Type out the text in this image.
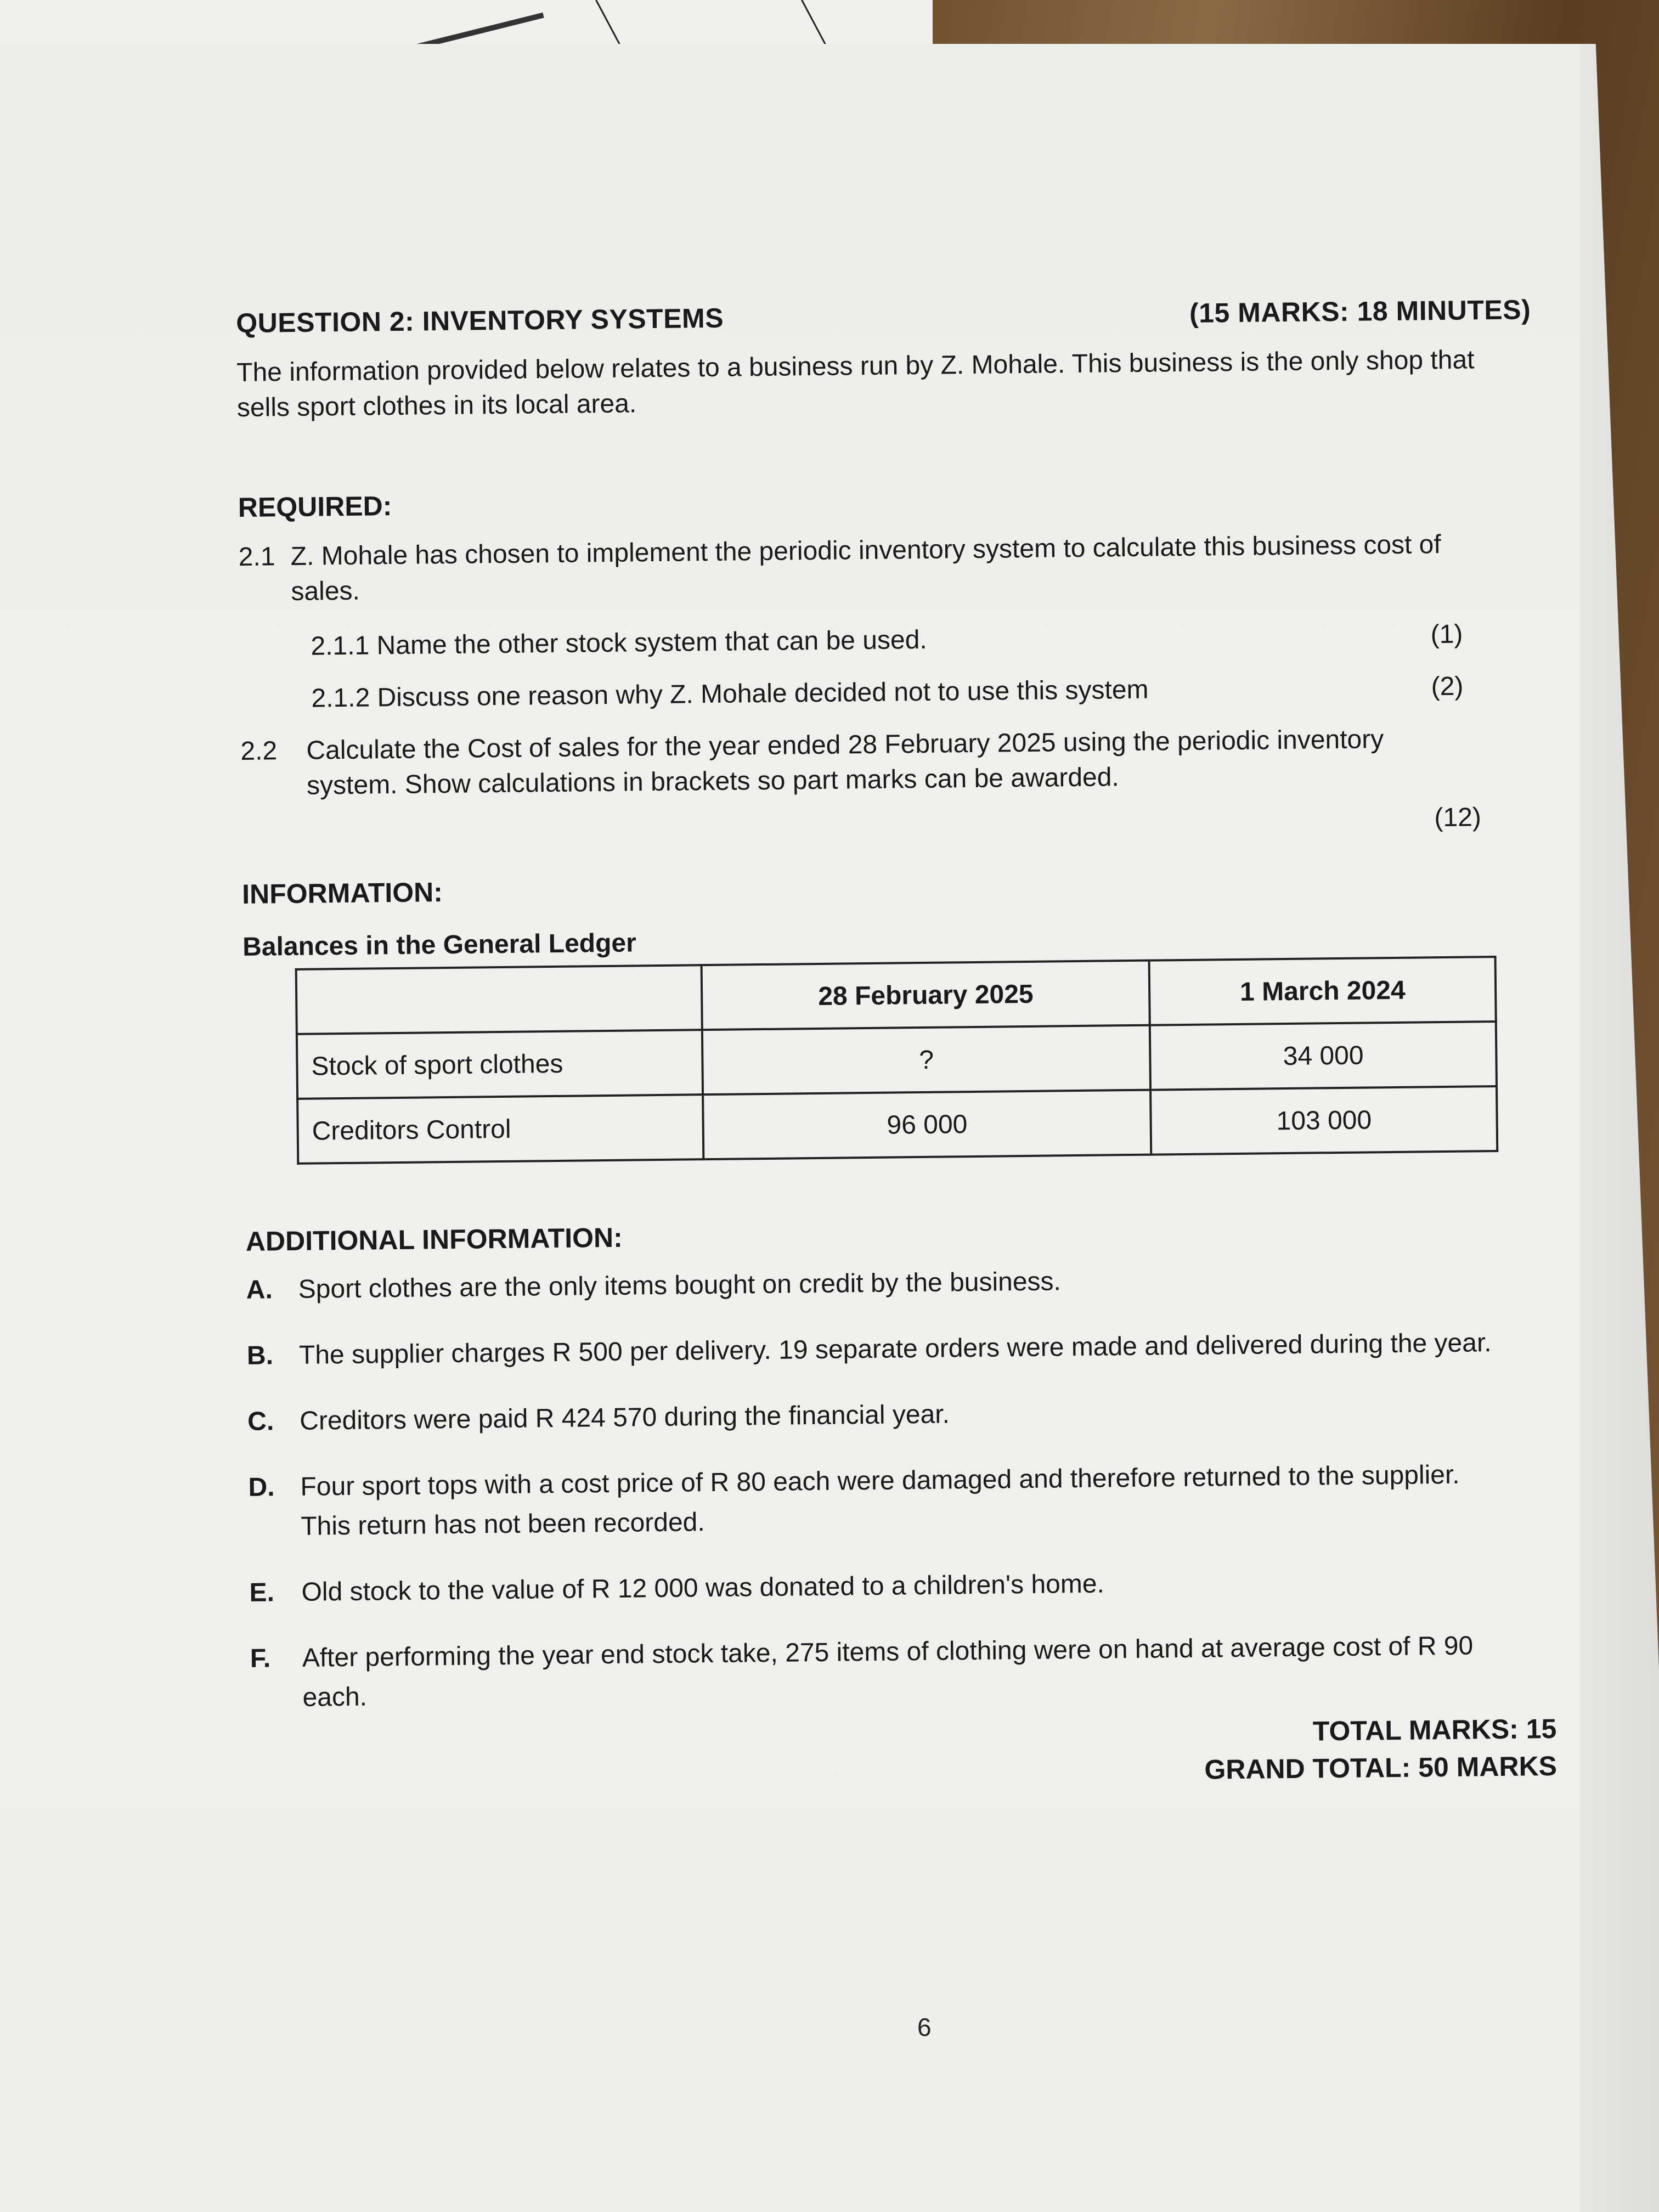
QUESTION 2: INVENTORY SYSTEMS	(15 MARKS: 18 MINUTES)
The information provided below relates to a business run by Z. Mohale. This business is the only shop that sells sport clothes in its local area.
REQUIRED:
2.1 Z. Mohale has chosen to implement the periodic inventory system to calculate this business cost of sales.
2.1.1 Name the other stock system that can be used.	(1)
2.1.2 Discuss one reason why Z. Mohale decided not to use this system	(2)
2.2	Calculate the Cost of sales for the year ended 28 February 2025 using the periodic inventory system. Show calculations in brackets so part marks can be awarded.
(12)
INFORMATION:
Balances in the General Ledger
	28 February 2025	1 March 2024
Stock of sport clothes	?	34 000
Creditors Control	96 000	103 000
ADDITIONAL INFORMATION:
A. Sport clothes are the only items bought on credit by the business.
B. The supplier charges R 500 per delivery. 19 separate orders were made and delivered during the year.
C. Creditors were paid R 424 570 during the financial year.
D. Four sport tops with a cost price of R 80 each were damaged and therefore returned to the supplier. This return has not been recorded.
E.	Old stock to the value of R 12 000 was donated to a children's home.
F.	After performing the year end stock take, 275 items of clothing were on hand at average cost of R 90 each.
TOTAL MARKS: 15
GRAND TOTAL: 50 MARKS
6
